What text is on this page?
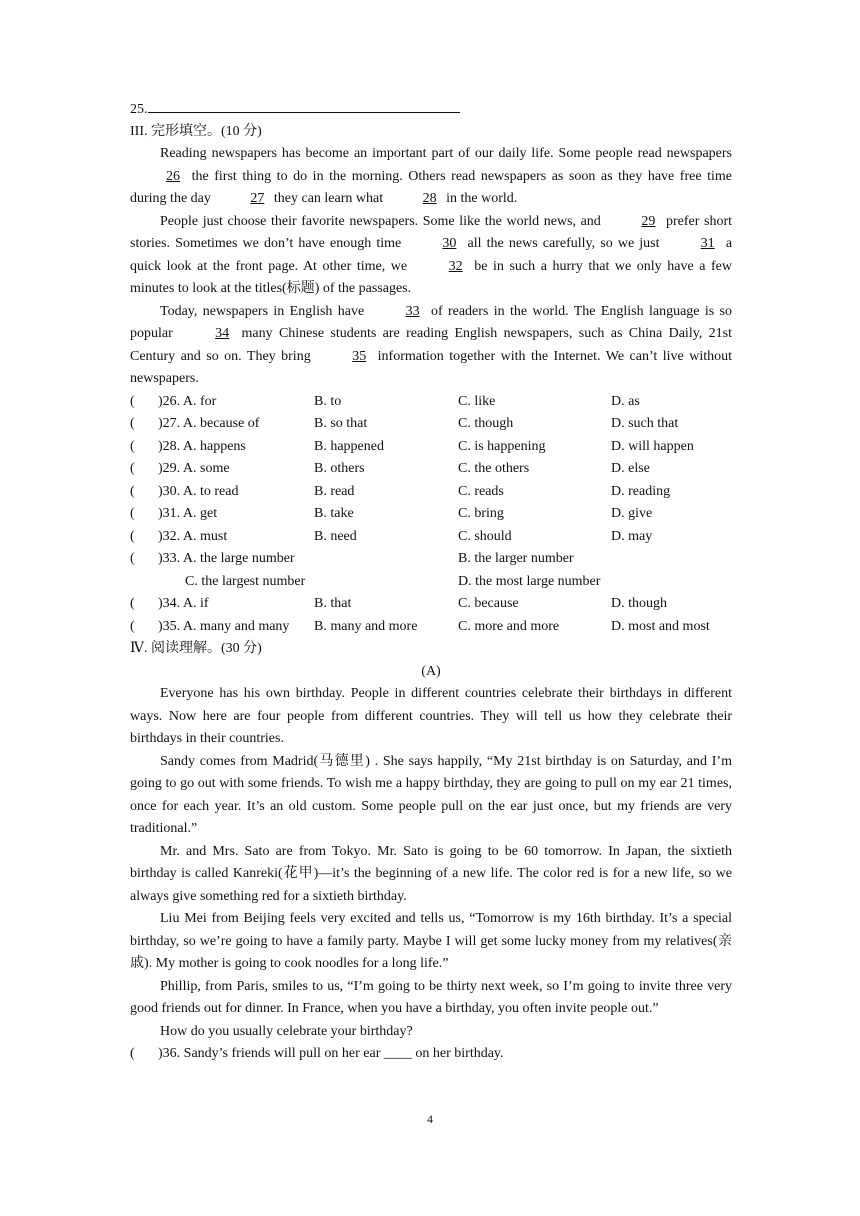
25.
III. 完形填空。(10 分)

Reading newspapers has become an important part of our daily life. Some people read newspapers 26 the first thing to do in the morning. Others read newspapers as soon as they have free time during the day	27 they can learn what	28 in the world.

People just choose their favorite newspapers. Some like the world news, and	29 prefer short stories. Sometimes we don’t have enough time	30 all the news carefully, so we just	31 a quick look at the front page. At other time, we	32 be in such a hurry that we only have a few minutes to look at the titles(标题) of the passages.

Today, newspapers in English have	33 of readers in the world. The English language is so popular	34 many Chinese students are reading English newspapers, such as China Daily, 21st Century and so on. They bring	35 information together with the Internet. We can’t live without newspapers.

( )26. A. for	B. to	C. like	D. as
( )27. A. because of	B. so that	C. though	D. such that
( )28. A. happens	B. happened	C. is happening	D. will happen
( )29. A. some	B. others	C. the others	D. else
( )30. A. to read	B. read	C. reads	D. reading
( )31. A. get	B. take	C. bring	D. give
( )32. A. must	B. need	C. should	D. may
( )33. A. the large number	B. the larger number
C. the largest number	D. the most large number
( )34. A. if	B. that	C. because	D. though
( )35. A. many and many B. many and more	C. more and more	D. most and most
Ⅳ. 阅读理解。(30 分)
(A)

Everyone has his own birthday. People in different countries celebrate their birthdays in different ways. Now here are four people from different countries. They will tell us how they celebrate their birthdays in their countries.

Sandy comes from Madrid(马德里) . She says happily, “My 21st birthday is on Saturday, and I’m going to go out with some friends. To wish me a happy birthday, they are going to pull on my ear 21 times, once for each year. It’s an old custom. Some people pull on the ear just once, but my friends are very traditional.”

Mr. and Mrs. Sato are from Tokyo. Mr. Sato is going to be 60 tomorrow. In Japan, the sixtieth birthday is called Kanreki(花甲)—it’s the beginning of a new life. The color red is for a new life, so we always give something red for a sixtieth birthday.

Liu Mei from Beijing feels very excited and tells us, “Tomorrow is my 16th birthday. It’s a special birthday, so we’re going to have a family party. Maybe I will get some lucky money from my relatives(亲戚). My mother is going to cook noodles for a long life.”

Phillip, from Paris, smiles to us, “I’m going to be thirty next week, so I’m going to invite three very good friends out for dinner. In France, when you have a birthday, you often invite people out.”

How do you usually celebrate your birthday?

( )36. Sandy’s friends will pull on her ear ____ on her birthday.
4
